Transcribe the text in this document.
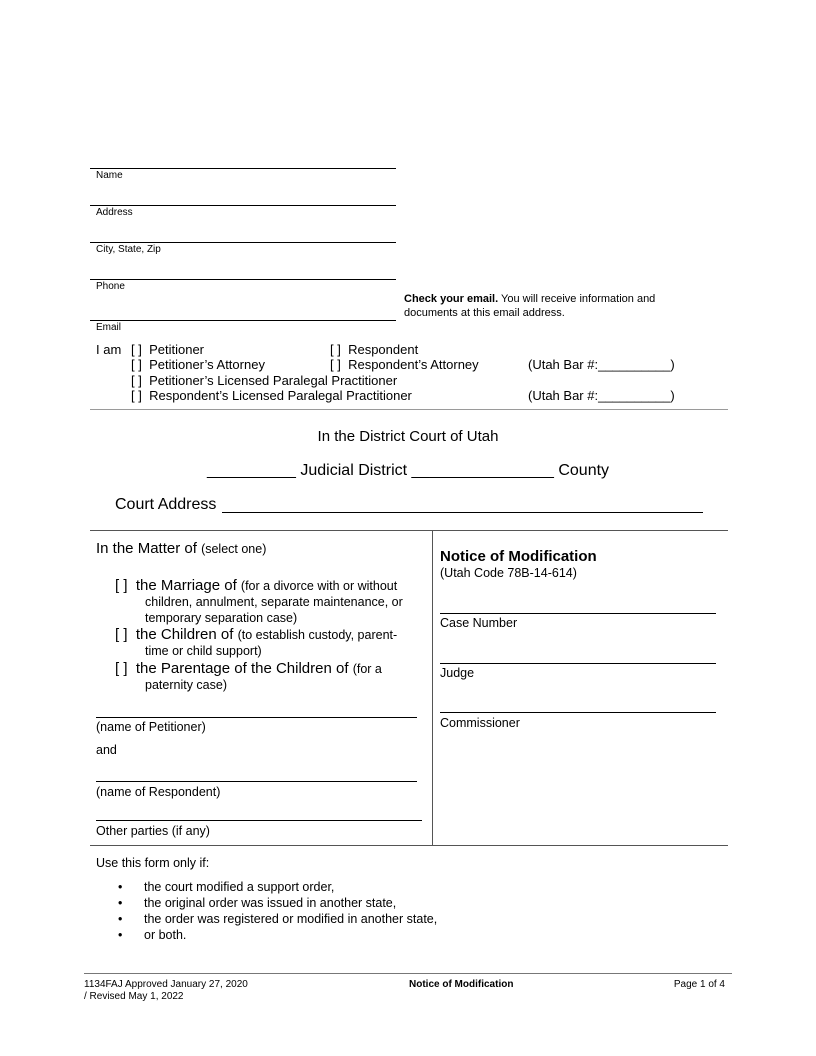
Name
Address
City, State, Zip
Phone
Check your email. You will receive information and
documents at this email address.
Email
I am [ ] Petitioner	[ ] Respondent
[ ] Petitioner’s Attorney	[ ] Respondent’s Attorney	(Utah Bar #:__________)
[ ] Petitioner’s Licensed Paralegal Practitioner
[ ] Respondent’s Licensed Paralegal Practitioner	(Utah Bar #:__________)
In the District Court of Utah
__________ Judicial District ________________ County
Court Address
In the Matter of (select one)
[ ] the Marriage of (for a divorce with or without
children, annulment, separate maintenance, or
temporary separation case)
[ ] the Children of (to establish custody, parent-
time or child support)
[ ] the Parentage of the Children of (for a
paternity case)
(name of Petitioner)
and
(name of Respondent)
Other parties (if any)
Notice of Modification
(Utah Code 78B-14-614)
Case Number
Judge
Commissioner
Use this form only if:
• the court modified a support order,
• the original order was issued in another state,
• the order was registered or modified in another state,
• or both.
1134FAJ Approved January 27, 2020
/ Revised May 1, 2022
Notice of Modification	Page 1 of 4
